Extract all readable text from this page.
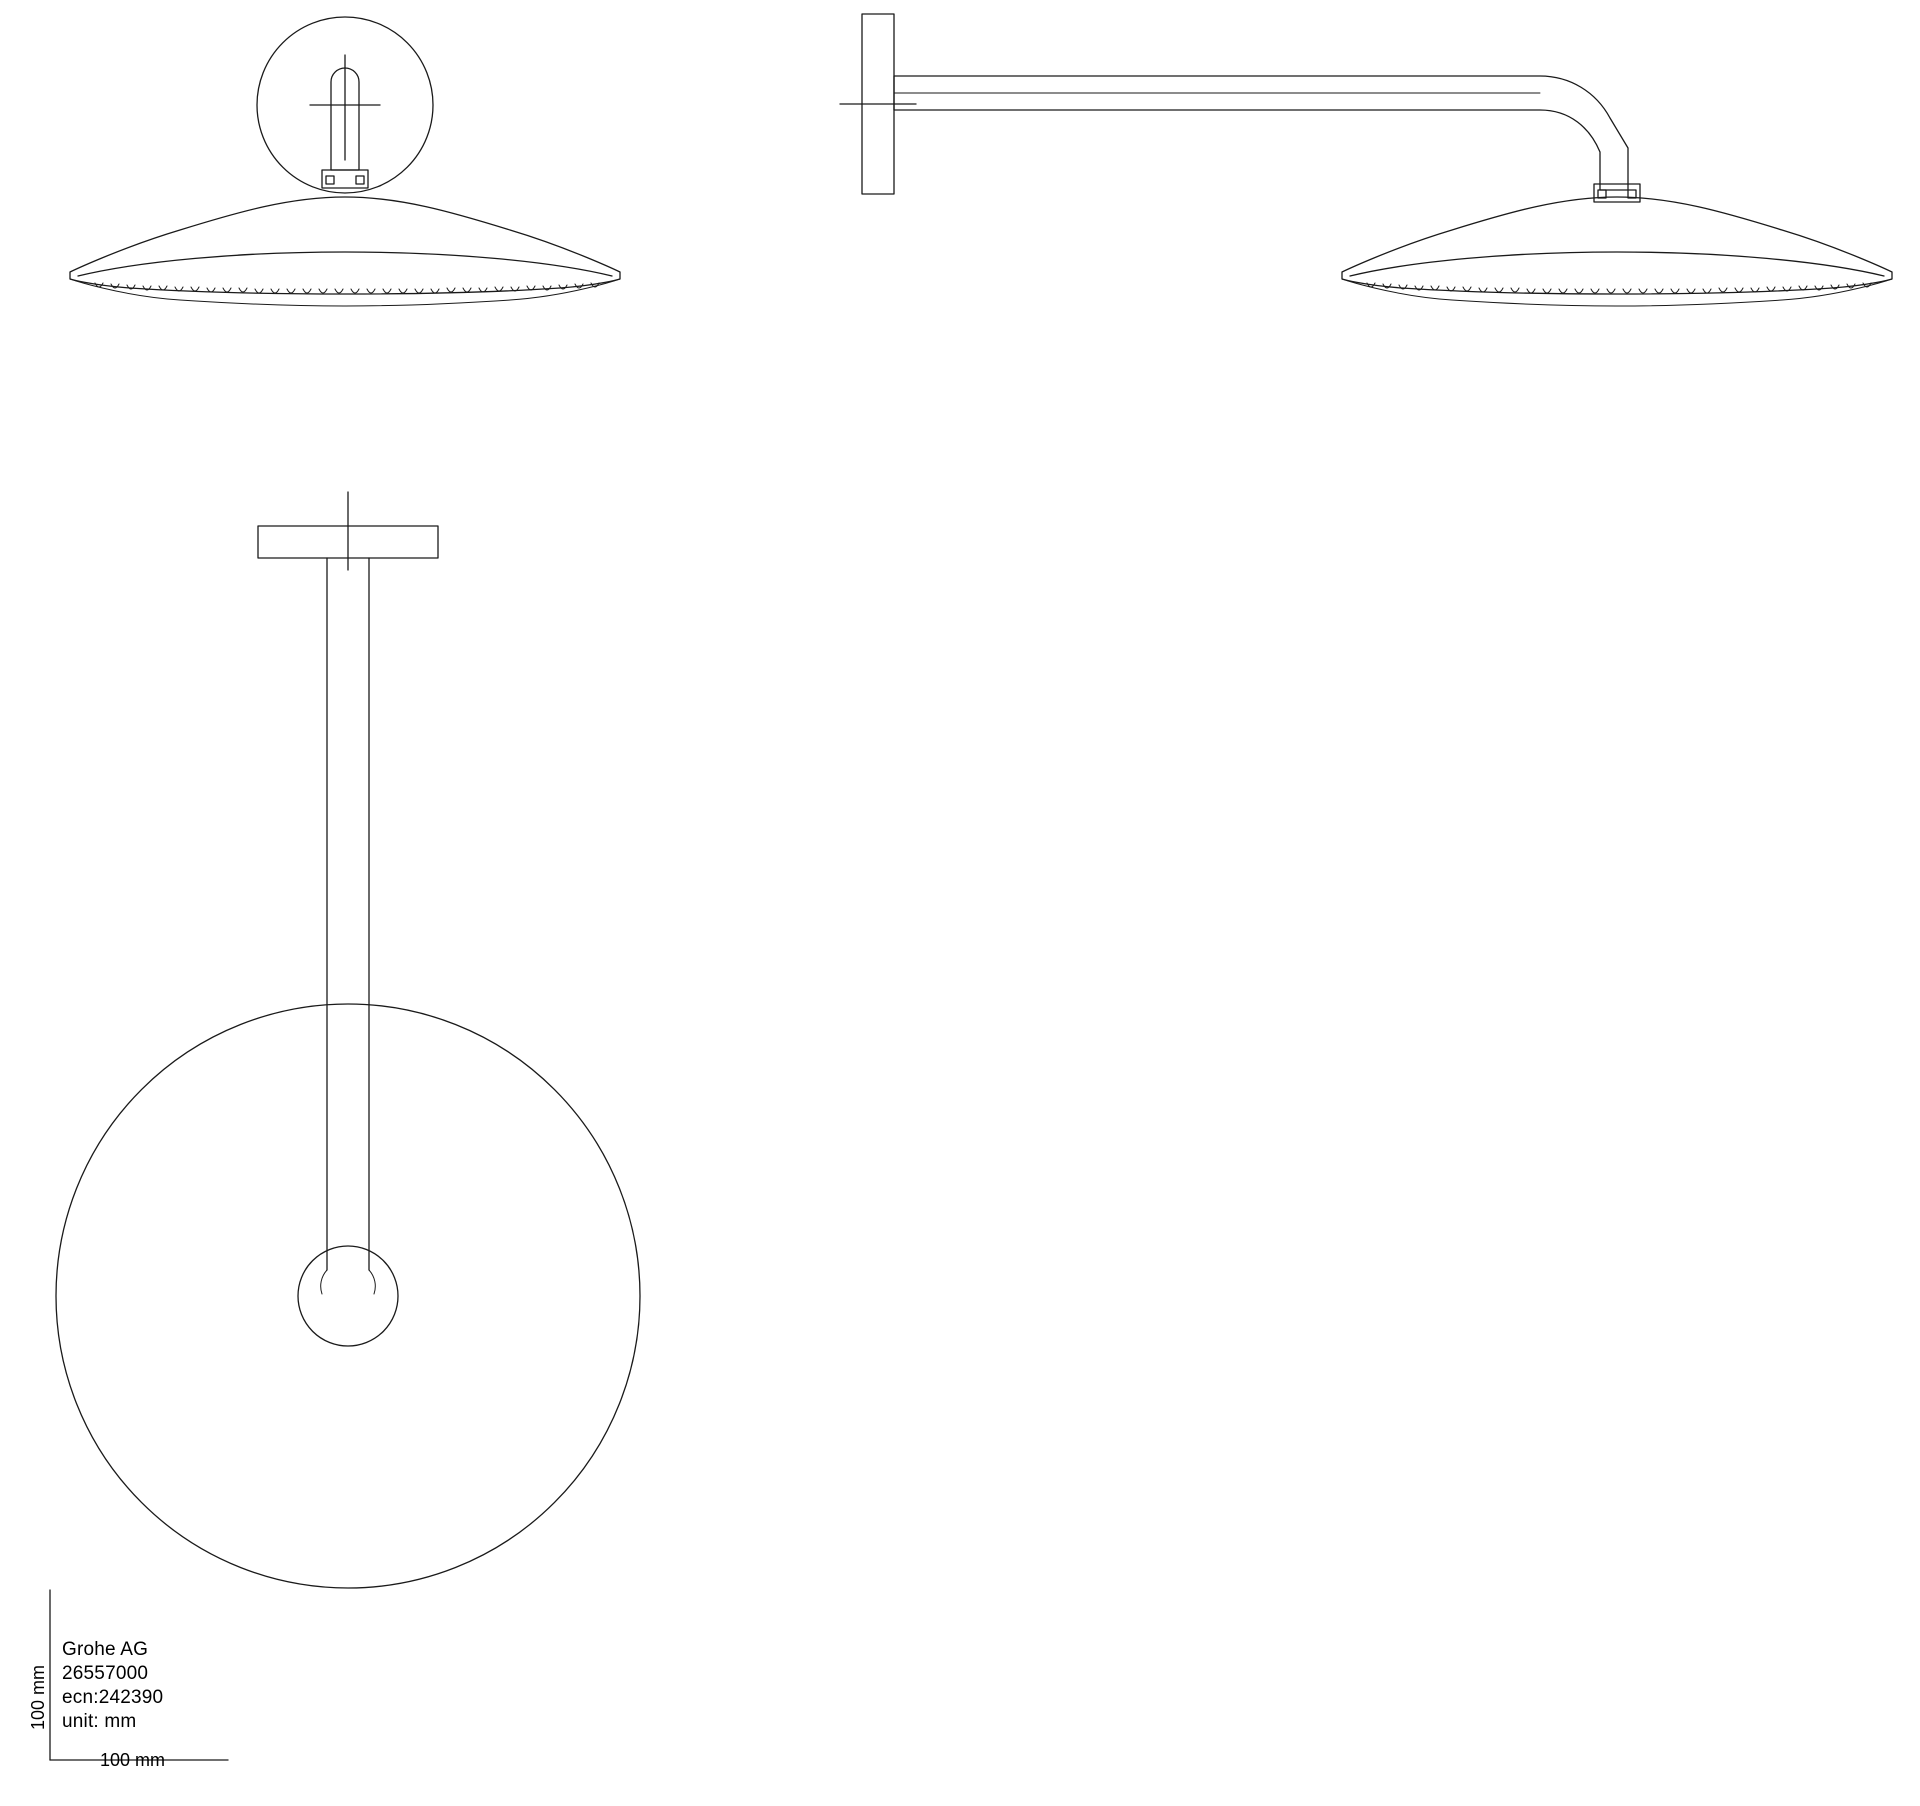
Grohe AG
26557000
ecn:242390
unit: mm
100 mm
100 mm
